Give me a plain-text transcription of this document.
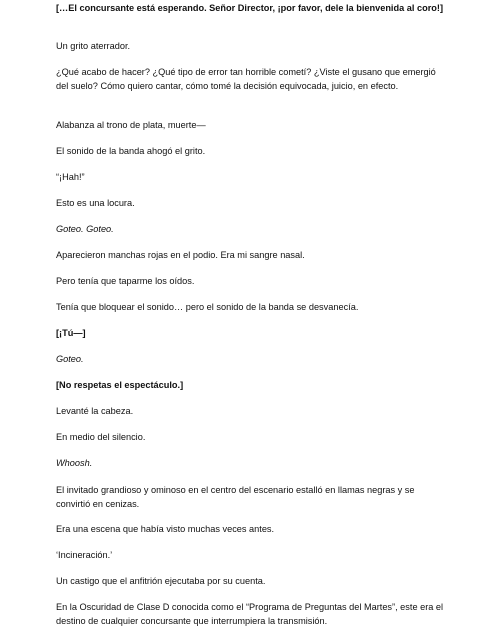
[…El concursante está esperando. Señor Director, ¡por favor, dele la bienvenida al coro!]

Un grito aterrador.

¿Qué acabo de hacer? ¿Qué tipo de error tan horrible cometí? ¿Viste el gusano que emergió del suelo? Cómo quiero cantar, cómo tomé la decisión equivocada, juicio, en efecto.

Alabanza al trono de plata, muerte—

El sonido de la banda ahogó el grito.

“¡Hah!”

Esto es una locura.

Goteo. Goteo.

Aparecieron manchas rojas en el podio. Era mi sangre nasal.

Pero tenía que taparme los oídos.

Tenía que bloquear el sonido… pero el sonido de la banda se desvanecía.

[¡Tú—]

Goteo.

[No respetas el espectáculo.]

Levanté la cabeza.

En medio del silencio.

Whoosh.

El invitado grandioso y ominoso en el centro del escenario estalló en llamas negras y se convirtió en cenizas.

Era una escena que había visto muchas veces antes.

‘Incineración.’

Un castigo que el anfitrión ejecutaba por su cuenta.

En la Oscuridad de Clase D conocida como el “Programa de Preguntas del Martes”, este era el destino de cualquier concursante que interrumpiera la transmisión.
